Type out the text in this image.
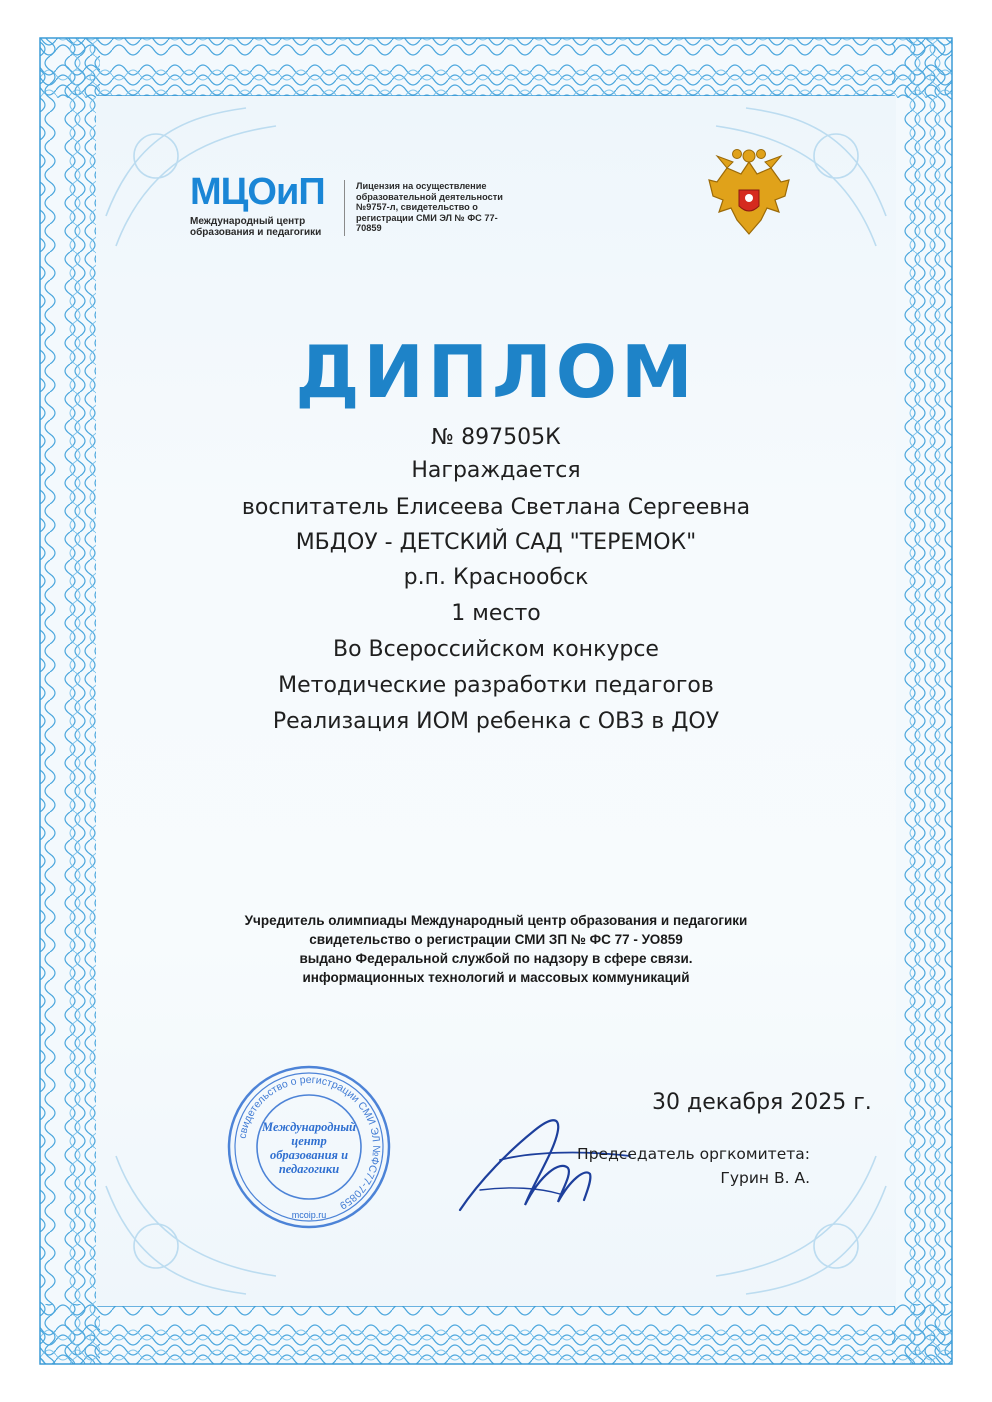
МЦОиП
Международный центр образования и педагогики
Лицензия на осуществление образовательной деятельности №9757-л, свидетельство о регистрации СМИ ЭЛ № ФС 77-70859
ДИПЛОМ
№ 897505К
Награждается
воспитатель Елисеева Светлана Сергеевна
МБДОУ - ДЕТСКИЙ САД "ТЕРЕМОК"
р.п. Краснообск
1 место
Во Всероссийском конкурсе
Методические разработки педагогов
Реализация ИОМ ребенка с ОВЗ в ДОУ
Учредитель олимпиады Международный центр образования и педагогики
свидетельство о регистрации СМИ ЗП № ФС 77 - УО859
выдано Федеральной службой по надзору в сфере связи.
информационных технологий и массовых коммуникаций
свидетельство о регистрации СМИ ЭЛ №ФС77-70859
Международный центр образования и педагогики
mcoip.ru
30 декабря 2025 г.
Председатель оргкомитета:
Гурин В. А.
